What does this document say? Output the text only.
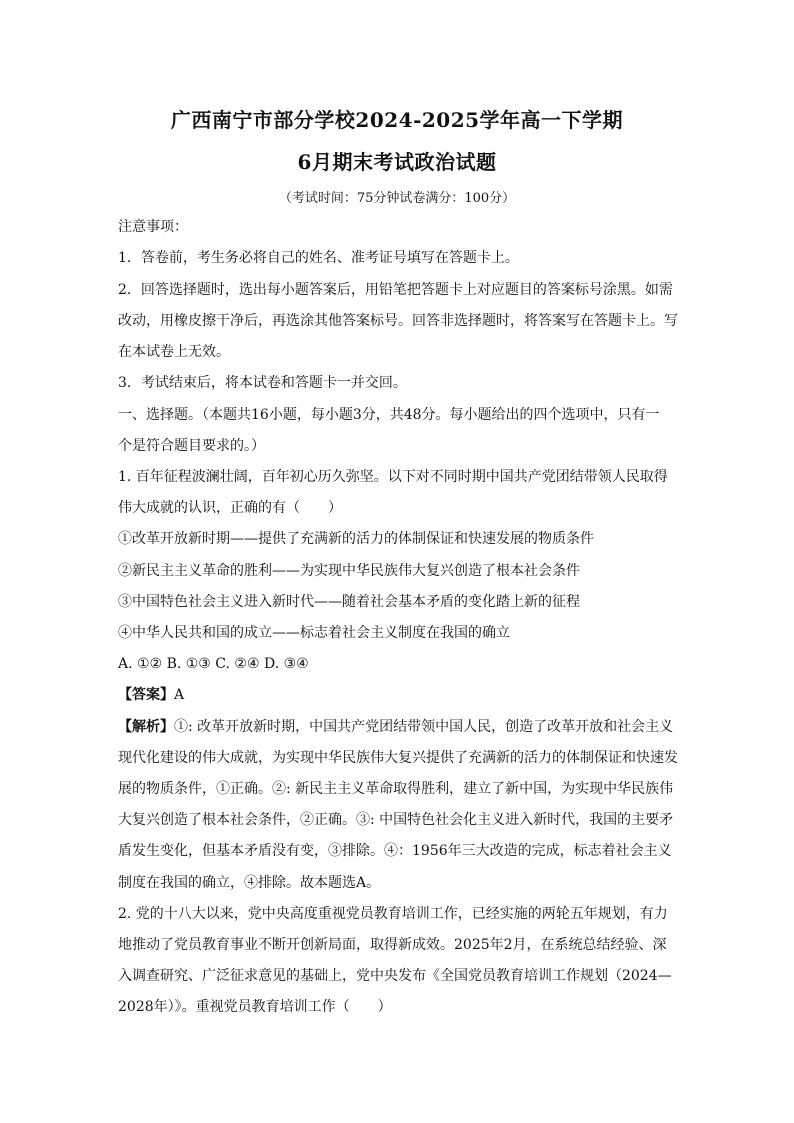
广西南宁市部分学校2024-2025学年高一下学期
6月期末考试政治试题
（考试时间：75分钟试卷满分：100分）
注意事项：
1．答卷前，考生务必将自己的姓名、准考证号填写在答题卡上。
2．回答选择题时，选出每小题答案后，用铅笔把答题卡上对应题目的答案标号涂黑。如需
改动，用橡皮擦干净后，再选涂其他答案标号。回答非选择题时，将答案写在答题卡上。写
在本试卷上无效。
3．考试结束后，将本试卷和答题卡一并交回。
一、选择题。（本题共16小题，每小题3分，共48分。每小题给出的四个选项中，只有一
个是符合题目要求的。）
1. 百年征程波澜壮阔，百年初心历久弥坚。以下对不同时期中国共产党团结带领人民取得
伟大成就的认识，正确的有（　　）
①改革开放新时期——提供了充满新的活力的体制保证和快速发展的物质条件
②新民主主义革命的胜利——为实现中华民族伟大复兴创造了根本社会条件
③中国特色社会主义进入新时代——随着社会基本矛盾的变化踏上新的征程
④中华人民共和国的成立——标志着社会主义制度在我国的确立
A. ①② B. ①③ C. ②④ D. ③④
【答案】A
【解析】①: 改革开放新时期，中国共产党团结带领中国人民，创造了改革开放和社会主义
现代化建设的伟大成就，为实现中华民族伟大复兴提供了充满新的活力的体制保证和快速发
展的物质条件，①正确。②: 新民主主义革命取得胜利，建立了新中国，为实现中华民族伟
大复兴创造了根本社会条件，②正确。③: 中国特色社会化主义进入新时代，我国的主要矛
盾发生变化，但基本矛盾没有变，③排除。④：1956年三大改造的完成，标志着社会主义
制度在我国的确立，④排除。故本题选A。
2. 党的十八大以来，党中央高度重视党员教育培训工作，已经实施的两轮五年规划，有力
地推动了党员教育事业不断开创新局面，取得新成效。2025年2月，在系统总结经验、深
入调查研究、广泛征求意见的基础上，党中央发布《全国党员教育培训工作规划（2024—
2028年）》。重视党员教育培训工作（　　）
